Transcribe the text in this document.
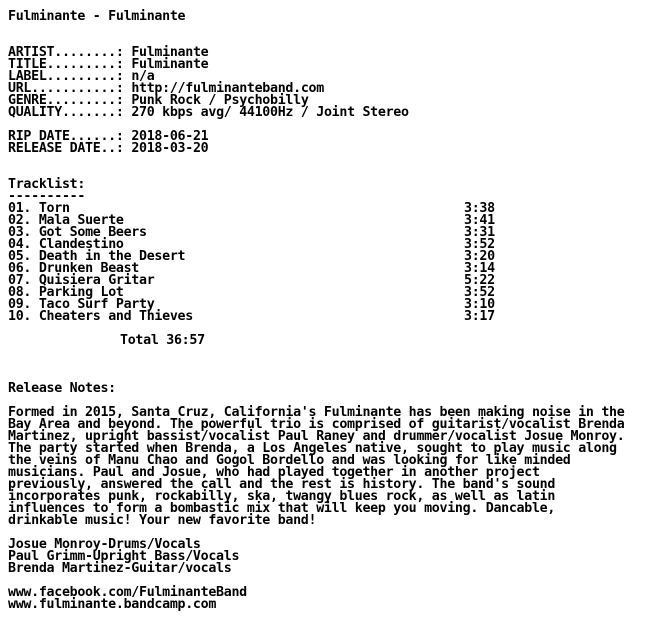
Fulminante - Fulminante
ARTIST........: Fulminante
TITLE.........: Fulminante
LABEL.........: n/a
URL...........: http://fulminanteband.com
GENRE.........: Punk Rock / Psychobilly
QUALITY.......: 270 kbps avg/ 44100Hz / Joint Stereo
RIP DATE......: 2018-06-21
RELEASE DATE..: 2018-03-20
Tracklist:
----------
01. Torn	3:38
02. Mala Suerte	3:41
03. Got Some Beers	3:31
04. Clandestino	3:52
05. Death in the Desert	3:20
06. Drunken Beast	3:14
07. Quisiera Gritar	5:22
08. Parking Lot	3:52
09. Taco Surf Party	3:10
10. Cheaters and Thieves	3:17
Total 36:57
Release Notes:
Formed in 2015, Santa Cruz, California's Fulminante has been making noise in the
Bay Area and beyond. The powerful trio is comprised of guitarist/vocalist Brenda
Martinez, upright bassist/vocalist Paul Raney and drummer/vocalist Josue Monroy.
The party started when Brenda, a Los Angeles native, sought to play music along
the veins of Manu Chao and Gogol Bordello and was looking for like minded
musicians. Paul and Josue, who had played together in another project
previously, answered the call and the rest is history. The band's sound
incorporates punk, rockabilly, ska, twangy blues rock, as well as latin
influences to form a bombastic mix that will keep you moving. Dancable,
drinkable music! Your new favorite band!
Josue Monroy-Drums/Vocals
Paul Grimm-Upright Bass/Vocals
Brenda Martinez-Guitar/vocals
www.facebook.com/FulminanteBand
www.fulminante.bandcamp.com
